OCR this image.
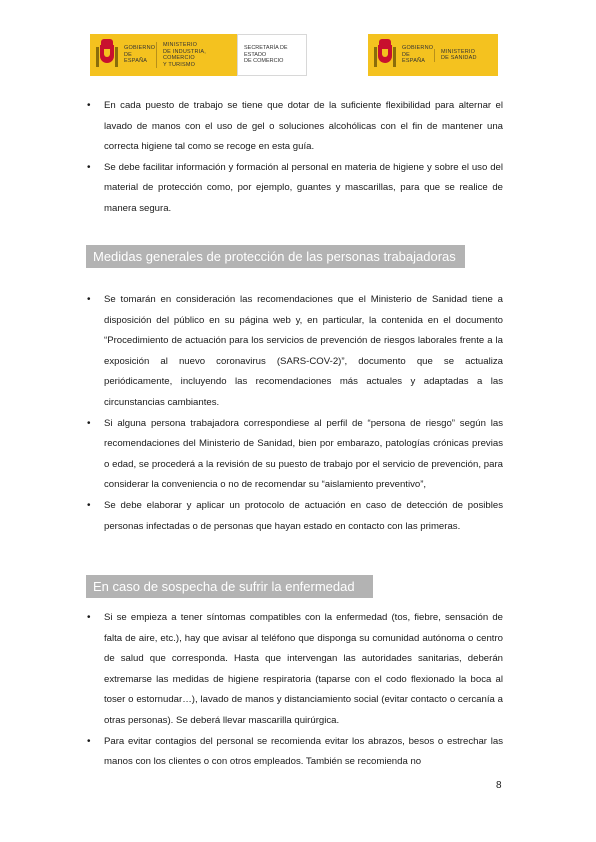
GOBIERNO
DE ESPAÑA
MINISTERIO
DE INDUSTRIA, COMERCIO
Y TURISMO
SECRETARÍA DE ESTADO
DE COMERCIO
GOBIERNO
DE ESPAÑA
MINISTERIO
DE SANIDAD
• En cada puesto de trabajo se tiene que dotar de la suficiente flexibilidad para alternar el lavado de manos con el uso de gel o soluciones alcohólicas con el fin de mantener una correcta higiene tal como se recoge en esta guía.
• Se debe facilitar información y formación al personal en materia de higiene y sobre el uso del material de protección como, por ejemplo, guantes y mascarillas, para que se realice de manera segura.
Medidas generales de protección de las personas trabajadoras
• Se tomarán en consideración las recomendaciones que el Ministerio de Sanidad tiene a disposición del público en su página web y, en particular, la contenida en el documento “Procedimiento de actuación para los servicios de prevención de riesgos laborales frente a la exposición al nuevo coronavirus (SARS-COV-2)”, documento que se actualiza periódicamente, incluyendo las recomendaciones más actuales y adaptadas a las circunstancias cambiantes.
• Si alguna persona trabajadora correspondiese al perfil de “persona de riesgo” según las recomendaciones del Ministerio de Sanidad, bien por embarazo, patologías crónicas previas o edad, se procederá a la revisión de su puesto de trabajo por el servicio de prevención, para considerar la conveniencia o no de recomendar su “aislamiento preventivo”,
• Se debe elaborar y aplicar un protocolo de actuación en caso de detección de posibles personas infectadas o de personas que hayan estado en contacto con las primeras.
En caso de sospecha de sufrir la enfermedad
• Si se empieza a tener síntomas compatibles con la enfermedad (tos, fiebre, sensación de falta de aire, etc.), hay que avisar al teléfono que disponga su comunidad autónoma o centro de salud que corresponda. Hasta que intervengan las autoridades sanitarias, deberán extremarse las medidas de higiene respiratoria (taparse con el codo flexionado la boca al toser o estornudar…), lavado de manos y distanciamiento social (evitar contacto o cercanía a otras personas). Se deberá llevar mascarilla quirúrgica.
• Para evitar contagios del personal se recomienda evitar los abrazos, besos o estrechar las manos con los clientes o con otros empleados. También se recomienda no
8
